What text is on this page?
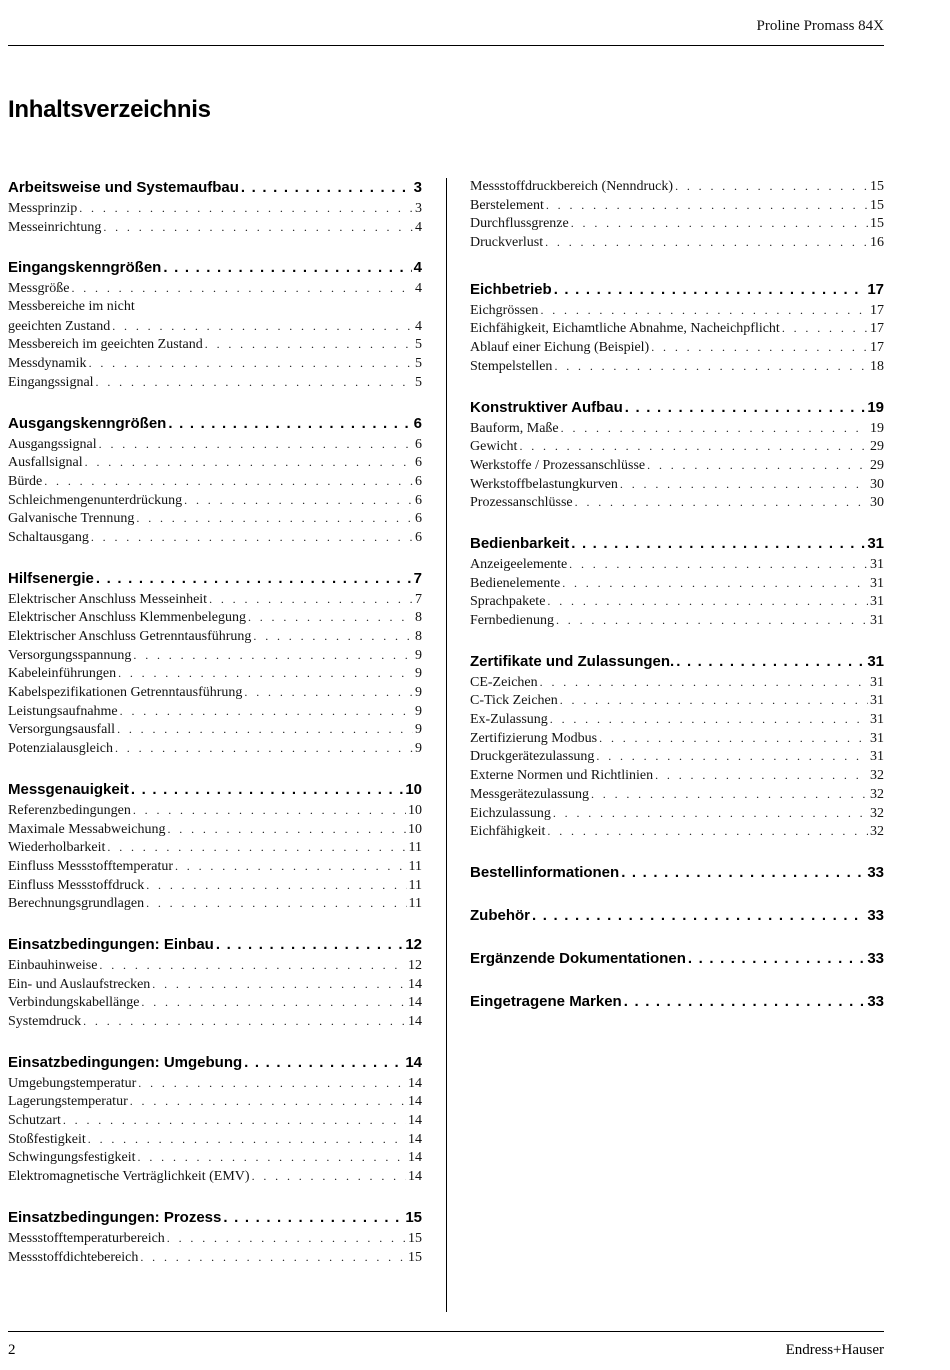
Proline Promass 84X
Inhaltsverzeichnis
Arbeitsweise und Systemaufbau . . .	3
Messprinzip . . .	3
Messeinrichtung . . .	4
Eingangskenngrößen . . .	4
Messgröße . . .	4
Messbereiche im nicht
geeichten Zustand . . .	4
Messbereich im geeichten Zustand . . .	5
Messdynamik . . .	5
Eingangssignal . . .	5
Ausgangskenngrößen . . .	6
Ausgangssignal . . .	6
Ausfallsignal . . .	6
Bürde . . .	6
Schleichmengenunterdrückung . . .	6
Galvanische Trennung . . .	6
Schaltausgang . . .	6
Hilfsenergie . . .	7
Elektrischer Anschluss Messeinheit . . .	7
Elektrischer Anschluss Klemmenbelegung . . .	8
Elektrischer Anschluss Getrenntausführung . . .	8
Versorgungsspannung . . .	9
Kabeleinführungen . . .	9
Kabelspezifikationen Getrenntausführung . . .	9
Leistungsaufnahme . . .	9
Versorgungsausfall . . .	9
Potenzialausgleich . . .	9
Messgenauigkeit . . .	10
Referenzbedingungen . . .	10
Maximale Messabweichung . . .	10
Wiederholbarkeit . . .	11
Einfluss Messstofftemperatur . . .	11
Einfluss Messstoffdruck . . .	11
Berechnungsgrundlagen . . .	11
Einsatzbedingungen: Einbau . . .	12
Einbauhinweise . . .	12
Ein- und Auslaufstrecken . . .	14
Verbindungskabellänge . . .	14
Systemdruck . . .	14
Einsatzbedingungen: Umgebung . . .	14
Umgebungstemperatur . . .	14
Lagerungstemperatur . . .	14
Schutzart . . .	14
Stoßfestigkeit . . .	14
Schwingungsfestigkeit . . .	14
Elektromagnetische Verträglichkeit (EMV) . . .	14
Einsatzbedingungen: Prozess . . .	15
Messstofftemperaturbereich . . .	15
Messstoffdichtebereich . . .	15
Messstoffdruckbereich (Nenndruck) . . .	15
Berstelement . . .	15
Durchflussgrenze . . .	15
Druckverlust . . .	16
Eichbetrieb . . .	17
Eichgrössen . . .	17
Eichfähigkeit, Eichamtliche Abnahme, Nacheichpflicht . . .	17
Ablauf einer Eichung (Beispiel) . . .	17
Stempelstellen . . .	18
Konstruktiver Aufbau . . .	19
Bauform, Maße . . .	19
Gewicht . . .	29
Werkstoffe / Prozessanschlüsse . . .	29
Werkstoffbelastungkurven . . .	30
Prozessanschlüsse . . .	30
Bedienbarkeit . . .	31
Anzeigeelemente . . .	31
Bedienelemente . . .	31
Sprachpakete . . .	31
Fernbedienung . . .	31
Zertifikate und Zulassungen. . . .	31
CE-Zeichen . . .	31
C-Tick Zeichen . . .	31
Ex-Zulassung . . .	31
Zertifizierung Modbus . . .	31
Druckgerätezulassung . . .	31
Externe Normen und Richtlinien . . .	32
Messgerätezulassung . . .	32
Eichzulassung . . .	32
Eichfähigkeit . . .	32
Bestellinformationen . . .	33
Zubehör . . .	33
Ergänzende Dokumentationen . . .	33
Eingetragene Marken . . .	33
2	Endress+Hauser
